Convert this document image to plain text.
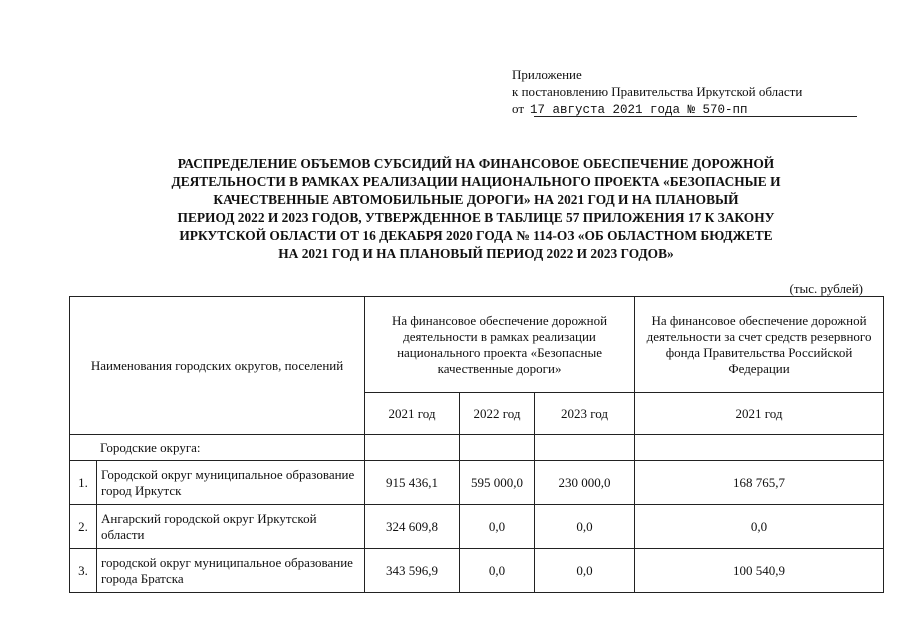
Приложение
к постановлению Правительства Иркутской области
от 17 августа 2021 года № 570-пп
РАСПРЕДЕЛЕНИЕ ОБЪЕМОВ СУБСИДИЙ НА ФИНАНСОВОЕ ОБЕСПЕЧЕНИЕ ДОРОЖНОЙ
ДЕЯТЕЛЬНОСТИ В РАМКАХ РЕАЛИЗАЦИИ НАЦИОНАЛЬНОГО ПРОЕКТА «БЕЗОПАСНЫЕ И
КАЧЕСТВЕННЫЕ АВТОМОБИЛЬНЫЕ ДОРОГИ» НА 2021 ГОД И НА ПЛАНОВЫЙ
ПЕРИОД 2022 И 2023 ГОДОВ, УТВЕРЖДЕННОЕ В ТАБЛИЦЕ 57 ПРИЛОЖЕНИЯ 17 К ЗАКОНУ
ИРКУТСКОЙ ОБЛАСТИ ОТ 16 ДЕКАБРЯ 2020 ГОДА № 114-ОЗ «ОБ ОБЛАСТНОМ БЮДЖЕТЕ
НА 2021 ГОД И НА ПЛАНОВЫЙ ПЕРИОД 2022 И 2023 ГОДОВ»
(тыс. рублей)
Наименования городских округов, поселений		На финансовое обеспечение дорожной деятельности в рамках реализации национального проекта «Безопасные качественные дороги»			На финансовое обеспечение дорожной деятельности за счет средств резервного фонда Правительства Российской Федерации
		2021 год	2022 год	2023 год	2021 год
Городские округа:					
1.	Городской округ муниципальное образование город Иркутск	915 436,1	595 000,0	230 000,0	168 765,7
2.	Ангарский городской округ Иркутской области	324 609,8	0,0	0,0	0,0
3.	городской округ муниципальное образование города Братска	343 596,9	0,0	0,0	100 540,9
